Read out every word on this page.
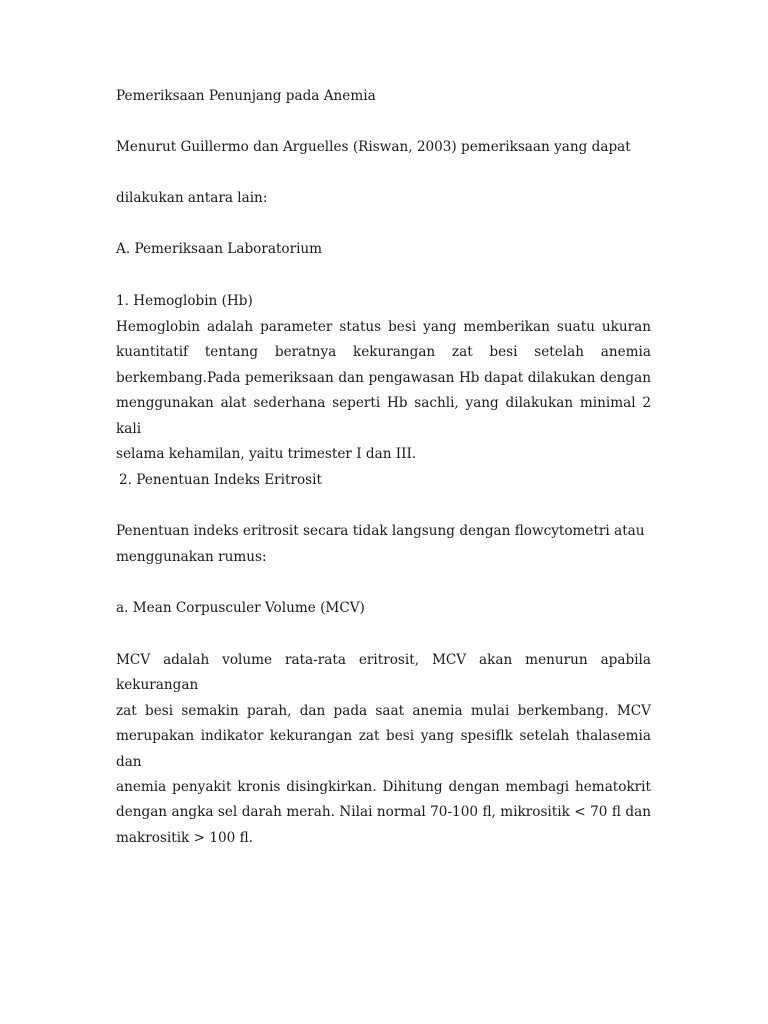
Pemeriksaan Penunjang pada Anemia

Menurut Guillermo dan Arguelles (Riswan, 2003) pemeriksaan yang dapat

dilakukan antara lain:

A. Pemeriksaan Laboratorium

1. Hemoglobin (Hb)

Hemoglobin adalah parameter status besi yang memberikan suatu ukuran
kuantitatif tentang beratnya kekurangan zat besi setelah anemia
berkembang.Pada pemeriksaan dan pengawasan Hb dapat dilakukan dengan
menggunakan alat sederhana seperti Hb sachli, yang dilakukan minimal 2 kali
selama kehamilan, yaitu trimester I dan III.

2. Penentuan Indeks Eritrosit

Penentuan indeks eritrosit secara tidak langsung dengan flowcytometri atau

menggunakan rumus:

a. Mean Corpusculer Volume (MCV)

MCV adalah volume rata-rata eritrosit, MCV akan menurun apabila kekurangan
zat besi semakin parah, dan pada saat anemia mulai berkembang. MCV
merupakan indikator kekurangan zat besi yang spesiflk setelah thalasemia dan
anemia penyakit kronis disingkirkan. Dihitung dengan membagi hematokrit
dengan angka sel darah merah. Nilai normal 70-100 fl, mikrositik < 70 fl dan
makrositik > 100 fl.
